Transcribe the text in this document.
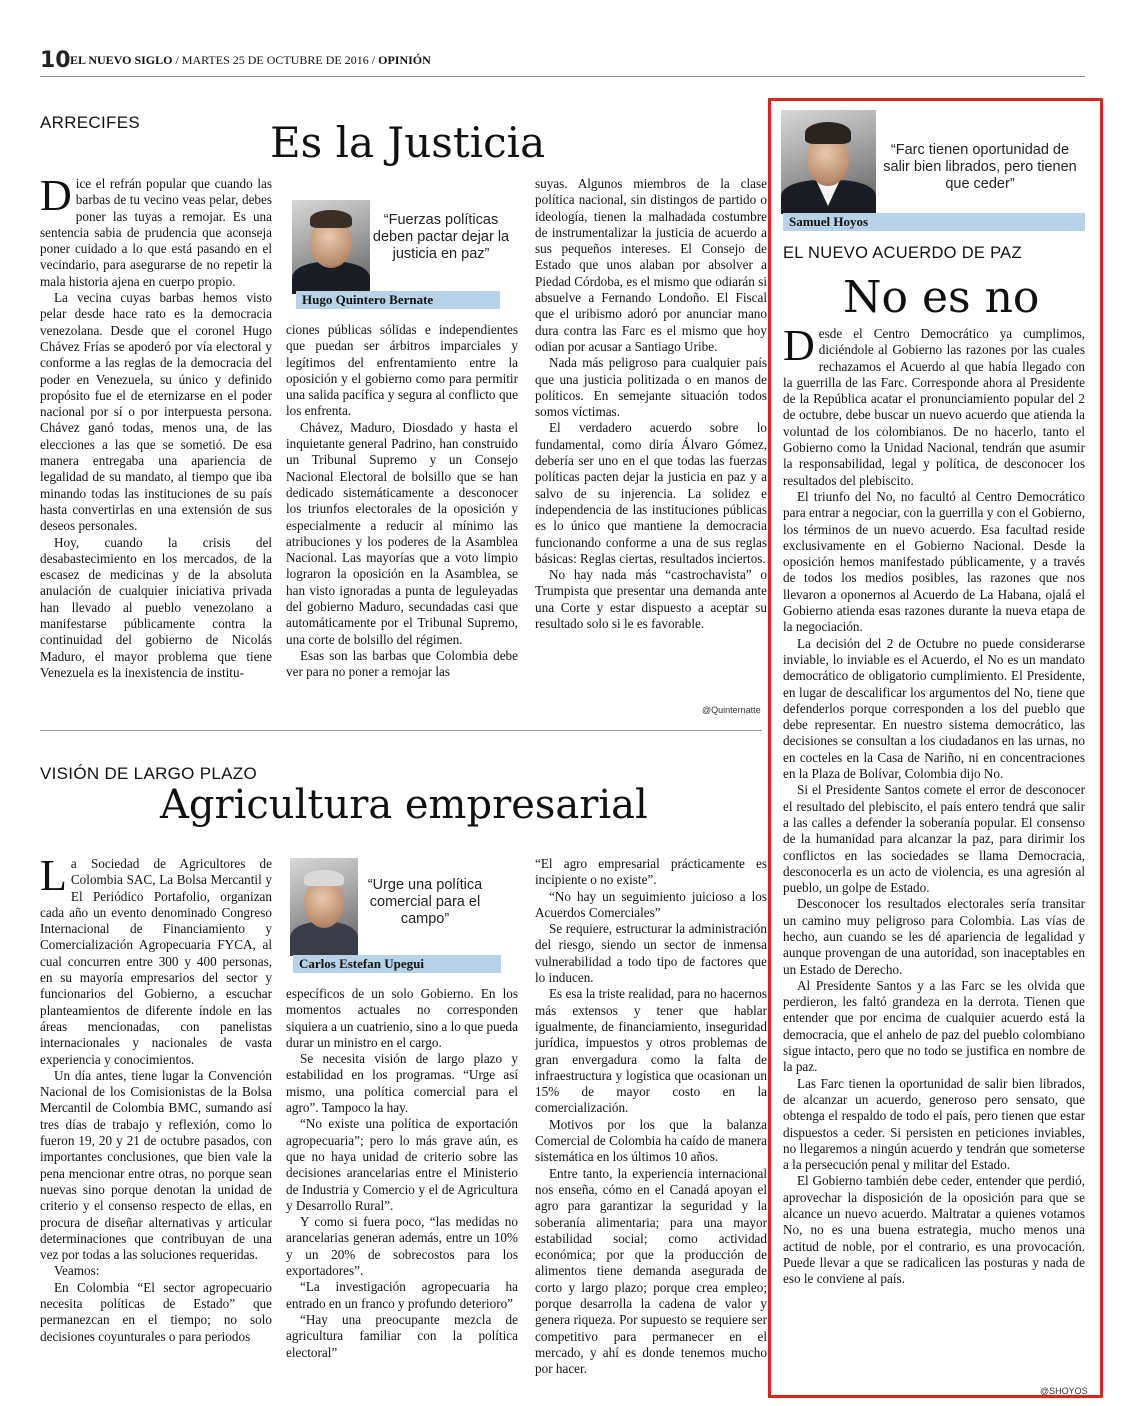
10 EL NUEVO SIGLO / MARTES 25 DE OCTUBRE DE 2016 / OPINIÓN
ARRECIFES	Es la Justicia
D ice el refrán popular que cuando las barbas de tu vecino veas pelar, debes poner las tuyas a remojar. Es una sentencia sabia de prudencia que aconseja poner cuidado a lo que está pasando en el vecindario, para asegurarse de no repetir la mala historia ajena en cuerpo propio.

La vecina cuyas barbas hemos visto pelar desde hace rato es la democracia venezolana. Desde que el coronel Hugo Chávez Frías se apoderó por vía electoral y conforme a las reglas de la democracia del poder en Venezuela, su único y definido propósito fue el de eternizarse en el poder nacional por sí o por interpuesta persona. Chávez ganó todas, menos una, de las elecciones a las que se sometió. De esa manera entregaba una apariencia de legalidad de su mandato, al tiempo que iba minando todas las instituciones de su país hasta convertirlas en una extensión de sus deseos personales.

Hoy, cuando la crisis del desabastecimiento en los mercados, de la escasez de medicinas y de la absoluta anulación de cualquier iniciativa privada han llevado al pueblo venezolano a manifestarse públicamente contra la continuidad del gobierno de Nicolás Maduro, el mayor problema que tiene Venezuela es la inexistencia de institu-

“Fuerzas políticas deben pactar dejar la justicia en paz”
Hugo Quintero Bernate

ciones públicas sólidas e independientes que puedan ser árbitros imparciales y legítimos del enfrentamiento entre la oposición y el gobierno como para permitir una salida pacífica y segura al conflicto que los enfrenta.

Chávez, Maduro, Diosdado y hasta el inquietante general Padrino, han construido un Tribunal Supremo y un Consejo Nacional Electoral de bolsillo que se han dedicado sistemáticamente a desconocer los triunfos electorales de la oposición y especialmente a reducir al mínimo las atribuciones y los poderes de la Asamblea Nacional. Las mayorías que a voto limpio lograron la oposición en la Asamblea, se han visto ignoradas a punta de leguleyadas del gobierno Maduro, secundadas casi que automáticamente por el Tribunal Supremo, una corte de bolsillo del régimen.

Esas son las barbas que Colombia debe ver para no poner a remojar las

suyas. Algunos miembros de la clase política nacional, sin distingos de partido o ideología, tienen la malhadada costumbre de instrumentalizar la justicia de acuerdo a sus pequeños intereses. El Consejo de Estado que unos alaban por absolver a Piedad Córdoba, es el mismo que odiarán si absuelve a Fernando Londoño. El Fiscal que el uribismo adoró por anunciar mano dura contra las Farc es el mismo que hoy odian por acusar a Santiago Uribe.

Nada más peligroso para cualquier país que una justicia politizada o en manos de políticos. En semejante situación todos somos víctimas.

El verdadero acuerdo sobre lo fundamental, como diría Álvaro Gómez, debería ser uno en el que todas las fuerzas políticas pacten dejar la justicia en paz y a salvo de su injerencia. La solidez e independencia de las instituciones públicas es lo único que mantiene la democracia funcionando conforme a una de sus reglas básicas: Reglas ciertas, resultados inciertos.

No hay nada más “castrochavista” o Trumpista que presentar una demanda ante una Corte y estar dispuesto a aceptar su resultado solo si le es favorable.

@Quinternatte
VISIÓN DE LARGO PLAZO
Agricultura empresarial
L a Sociedad de Agricultores de Colombia SAC, La Bolsa Mercantil y El Periódico Portafolio, organizan cada año un evento denominado Congreso Internacional de Financiamiento y Comercialización Agropecuaria FYCA, al cual concurren entre 300 y 400 personas, en su mayoría empresarios del sector y funcionarios del Gobierno, a escuchar planteamientos de diferente índole en las áreas mencionadas, con panelistas internacionales y nacionales de vasta experiencia y conocimientos.

Un día antes, tiene lugar la Convención Nacional de los Comisionistas de la Bolsa Mercantil de Colombia BMC, sumando así tres días de trabajo y reflexión, como lo fueron 19, 20 y 21 de octubre pasados, con importantes conclusiones, que bien vale la pena mencionar entre otras, no porque sean nuevas sino porque denotan la unidad de criterio y el consenso respecto de ellas, en procura de diseñar alternativas y articular determinaciones que contribuyan de una vez por todas a las soluciones requeridas.

Veamos:

En Colombia “El sector agropecuario necesita políticas de Estado” que permanezcan en el tiempo; no solo decisiones coyunturales o para periodos

“Urge una política comercial para el campo”
Carlos Estefan Upegui

específicos de un solo Gobierno. En los momentos actuales no corresponden siquiera a un cuatrienio, sino a lo que pueda durar un ministro en el cargo.

Se necesita visión de largo plazo y estabilidad en los programas. “Urge así mismo, una política comercial para el agro”. Tampoco la hay.

“No existe una política de exportación agropecuaria”; pero lo más grave aún, es que no haya unidad de criterio sobre las decisiones arancelarias entre el Ministerio de Industria y Comercio y el de Agricultura y Desarrollo Rural”.

Y como si fuera poco, “las medidas no arancelarias generan además, entre un 10% y un 20% de sobrecostos para los exportadores”.

“La investigación agropecuaria ha entrado en un franco y profundo deterioro”

“Hay una preocupante mezcla de agricultura familiar con la política electoral”

“El agro empresarial prácticamente es incipiente o no existe”.

“No hay un seguimiento juicioso a los Acuerdos Comerciales”

Se requiere, estructurar la administración del riesgo, siendo un sector de inmensa vulnerabilidad a todo tipo de factores que lo inducen.

Es esa la triste realidad, para no hacernos más extensos y tener que hablar igualmente, de financiamiento, inseguridad jurídica, impuestos y otros problemas de gran envergadura como la falta de infraestructura y logística que ocasionan un 15% de mayor costo en la comercialización.

Motivos por los que la balanza Comercial de Colombia ha caído de manera sistemática en los últimos 10 años.

Entre tanto, la experiencia internacional nos enseña, cómo en el Canadá apoyan el agro para garantizar la seguridad y la soberanía alimentaria; para una mayor estabilidad social; como actividad económica; por que la producción de alimentos tiene demanda asegurada de corto y largo plazo; porque crea empleo; porque desarrolla la cadena de valor y genera riqueza. Por supuesto se requiere ser competitivo para permanecer en el mercado, y ahí es donde tenemos mucho por hacer.

“Farc tienen oportunidad de salir bien librados, pero tienen que ceder”
Samuel Hoyos
EL NUEVO ACUERDO DE PAZ
No es no
D esde el Centro Democrático ya cumplimos, diciéndole al Gobierno las razones por las cuales rechazamos el Acuerdo al que había llegado con la guerrilla de las Farc. Corresponde ahora al Presidente de la República acatar el pronunciamiento popular del 2 de octubre, debe buscar un nuevo acuerdo que atienda la voluntad de los colombianos. De no hacerlo, tanto el Gobierno como la Unidad Nacional, tendrán que asumir la responsabilidad, legal y política, de desconocer los resultados del plebiscito.

El triunfo del No, no facultó al Centro Democrático para entrar a negociar, con la guerrilla y con el Gobierno, los términos de un nuevo acuerdo. Esa facultad reside exclusivamente en el Gobierno Nacional. Desde la oposición hemos manifestado públicamente, y a través de todos los medios posibles, las razones que nos llevaron a oponernos al Acuerdo de La Habana, ojalá el Gobierno atienda esas razones durante la nueva etapa de la negociación.

La decisión del 2 de Octubre no puede considerarse inviable, lo inviable es el Acuerdo, el No es un mandato democrático de obligatorio cumplimiento. El Presidente, en lugar de descalificar los argumentos del No, tiene que defenderlos porque corresponden a los del pueblo que debe representar. En nuestro sistema democrático, las decisiones se consultan a los ciudadanos en las urnas, no en cocteles en la Casa de Nariño, ni en concentraciones en la Plaza de Bolívar, Colombia dijo No.

Si el Presidente Santos comete el error de desconocer el resultado del plebiscito, el país entero tendrá que salir a las calles a defender la soberanía popular. El consenso de la humanidad para alcanzar la paz, para dirimir los conflictos en las sociedades se llama Democracia, desconocerla es un acto de violencia, es una agresión al pueblo, un golpe de Estado.

Desconocer los resultados electorales sería transitar un camino muy peligroso para Colombia. Las vías de hecho, aun cuando se les dé apariencia de legalidad y aunque provengan de una autoridad, son inaceptables en un Estado de Derecho.

Al Presidente Santos y a las Farc se les olvida que perdieron, les faltó grandeza en la derrota. Tienen que entender que por encima de cualquier acuerdo está la democracia, que el anhelo de paz del pueblo colombiano sigue intacto, pero que no todo se justifica en nombre de la paz.

Las Farc tienen la oportunidad de salir bien librados, de alcanzar un acuerdo, generoso pero sensato, que obtenga el respaldo de todo el país, pero tienen que estar dispuestos a ceder. Si persisten en peticiones inviables, no llegaremos a ningún acuerdo y tendrán que someterse a la persecución penal y militar del Estado.

El Gobierno también debe ceder, entender que perdió, aprovechar la disposición de la oposición para que se alcance un nuevo acuerdo. Maltratar a quienes votamos No, no es una buena estrategia, mucho menos una actitud de noble, por el contrario, es una provocación. Puede llevar a que se radicalicen las posturas y nada de eso le conviene al país.

@SHOYOS
